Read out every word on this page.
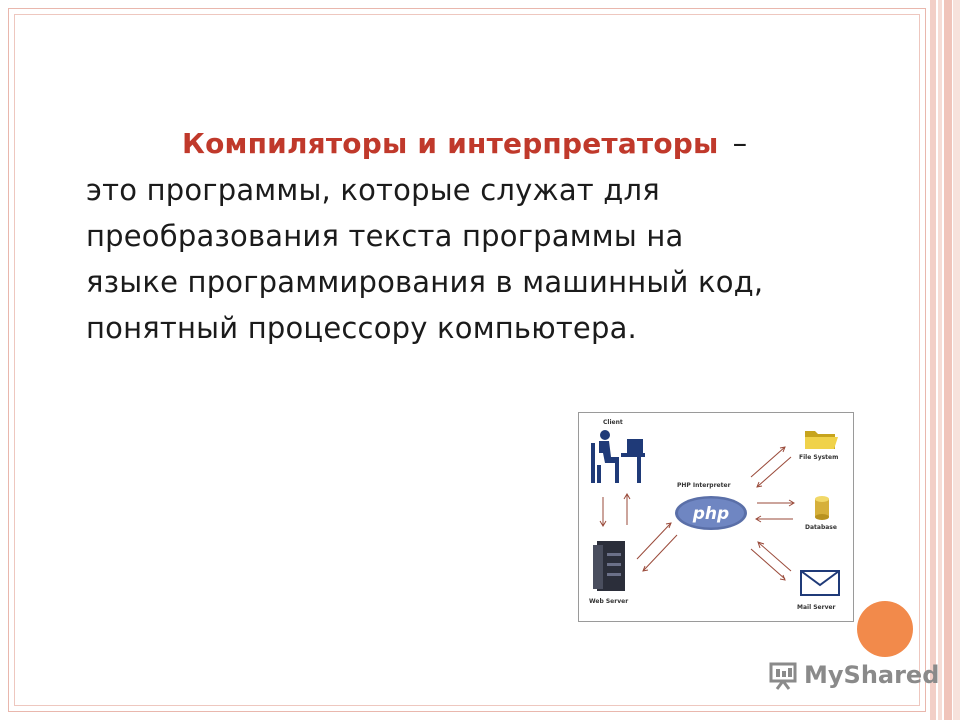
Компиляторы и интерпретаторы –
это программы, которые служат для
преобразования текста программы на
языке программирования в машинный код,
понятный процессору компьютера.
Client
Web Server
PHP Interpreter
php
File System
Database
Mail Server
MyShared
